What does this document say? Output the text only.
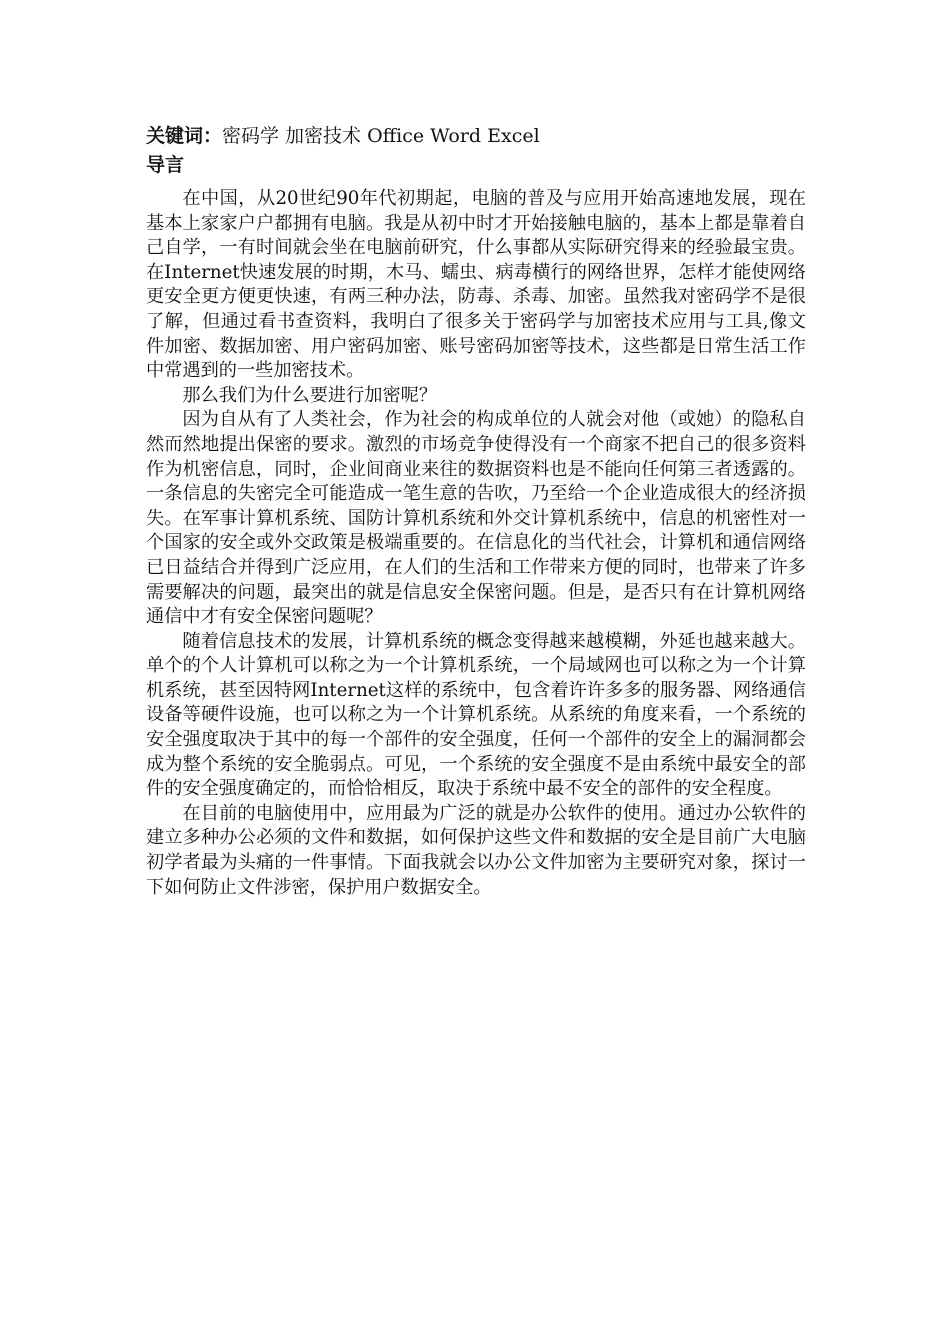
关键词：密码学 加密技术 Office Word Excel

导言

在中国，从20世纪90年代初期起，电脑的普及与应用开始高速地发展，现在基本上家家户户都拥有电脑。我是从初中时才开始接触电脑的，基本上都是靠着自己自学，一有时间就会坐在电脑前研究，什么事都从实际研究得来的经验最宝贵。在Internet快速发展的时期，木马、蠕虫、病毒横行的网络世界，怎样才能使网络更安全更方便更快速，有两三种办法，防毒、杀毒、加密。虽然我对密码学不是很了解，但通过看书查资料，我明白了很多关于密码学与加密技术应用与工具,像文件加密、数据加密、用户密码加密、账号密码加密等技术，这些都是日常生活工作中常遇到的一些加密技术。

那么我们为什么要进行加密呢？

因为自从有了人类社会，作为社会的构成单位的人就会对他（或她）的隐私自然而然地提出保密的要求。激烈的市场竞争使得没有一个商家不把自己的很多资料作为机密信息，同时，企业间商业来往的数据资料也是不能向任何第三者透露的。一条信息的失密完全可能造成一笔生意的告吹，乃至给一个企业造成很大的经济损失。在军事计算机系统、国防计算机系统和外交计算机系统中，信息的机密性对一个国家的安全或外交政策是极端重要的。在信息化的当代社会，计算机和通信网络已日益结合并得到广泛应用，在人们的生活和工作带来方便的同时，也带来了许多需要解决的问题，最突出的就是信息安全保密问题。但是，是否只有在计算机网络通信中才有安全保密问题呢？

随着信息技术的发展，计算机系统的概念变得越来越模糊，外延也越来越大。单个的个人计算机可以称之为一个计算机系统，一个局域网也可以称之为一个计算机系统，甚至因特网Internet这样的系统中，包含着许许多多的服务器、网络通信设备等硬件设施，也可以称之为一个计算机系统。从系统的角度来看，一个系统的安全强度取决于其中的每一个部件的安全强度，任何一个部件的安全上的漏洞都会成为整个系统的安全脆弱点。可见，一个系统的安全强度不是由系统中最安全的部件的安全强度确定的，而恰恰相反，取决于系统中最不安全的部件的安全程度。

在目前的电脑使用中，应用最为广泛的就是办公软件的使用。通过办公软件的建立多种办公必须的文件和数据，如何保护这些文件和数据的安全是目前广大电脑初学者最为头痛的一件事情。下面我就会以办公文件加密为主要研究对象，探讨一下如何防止文件涉密，保护用户数据安全。
